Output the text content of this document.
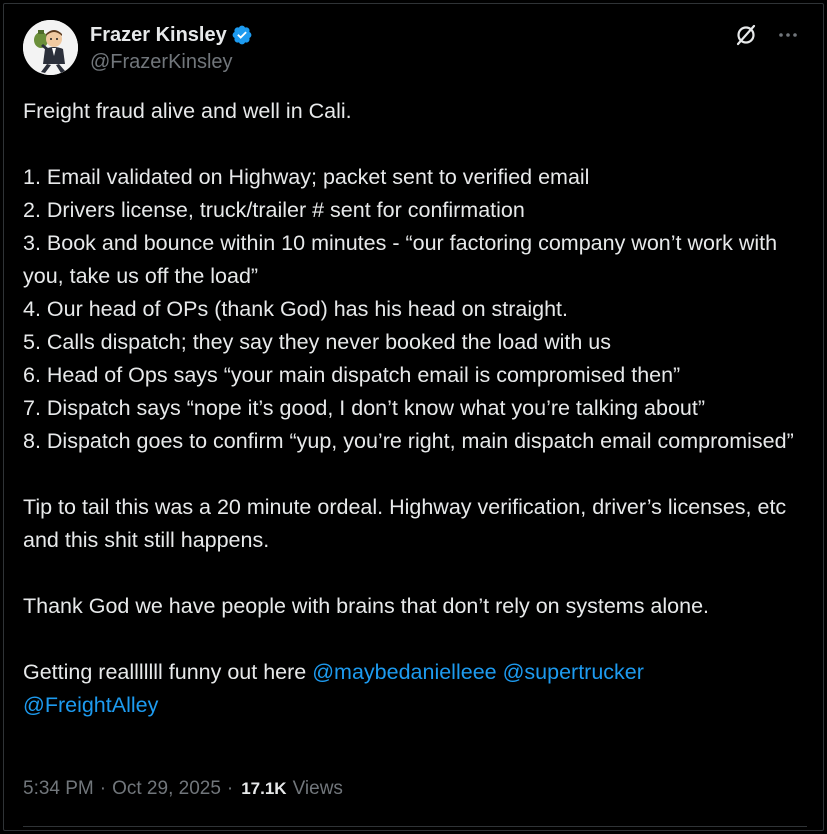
Frazer Kinsley
@FrazerKinsley

Freight fraud alive and well in Cali.

1. Email validated on Highway; packet sent to verified email

2. Drivers license, truck/trailer # sent for confirmation

3. Book and bounce within 10 minutes - “our factoring company won’t work with you, take us off the load”

4. Our head of OPs (thank God) has his head on straight.

5. Calls dispatch; they say they never booked the load with us

6. Head of Ops says “your main dispatch email is compromised then”

7. Dispatch says “nope it’s good, I don’t know what you’re talking about”

8. Dispatch goes to confirm “yup, you’re right, main dispatch email compromised”

Tip to tail this was a 20 minute ordeal. Highway verification, driver’s licenses, etc and this shit still happens.

Thank God we have people with brains that don’t rely on systems alone.

Getting realllllll funny out here @maybedanielleee @supertrucker
@FreightAlley

5:34 PM · Oct 29, 2025 · 17.1K Views
